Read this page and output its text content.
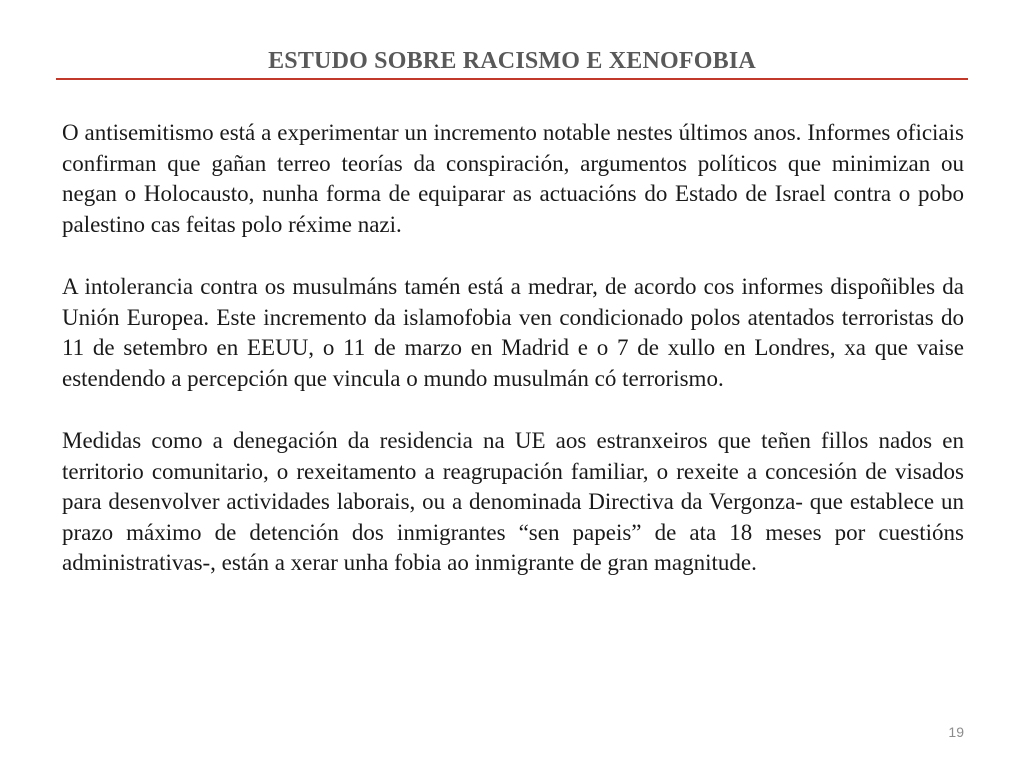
ESTUDO SOBRE RACISMO E XENOFOBIA

O antisemitismo está a experimentar un incremento notable nestes últimos anos. Informes oficiais confirman que gañan terreo teorías da conspiración, argumentos políticos que minimizan ou negan o Holocausto, nunha forma de equiparar as actuacións do Estado de Israel contra o pobo palestino cas feitas polo réxime nazi.

A intolerancia contra os musulmáns tamén está a medrar, de acordo cos informes dispoñibles da Unión Europea. Este incremento da islamofobia ven condicionado polos atentados terroristas do 11 de setembro en EEUU, o 11 de marzo en Madrid e o 7 de xullo en Londres, xa que vaise estendendo a percepción que vincula o mundo musulmán có terrorismo.

Medidas como a denegación da residencia na UE aos estranxeiros que teñen fillos nados en territorio comunitario, o rexeitamento a reagrupación familiar, o rexeite a concesión de visados para desenvolver actividades laborais, ou a denominada Directiva da Vergonza- que establece un prazo máximo de detención dos inmigrantes “sen papeis” de ata 18 meses por cuestións administrativas-, están a xerar unha fobia ao inmigrante de gran magnitude.

19
